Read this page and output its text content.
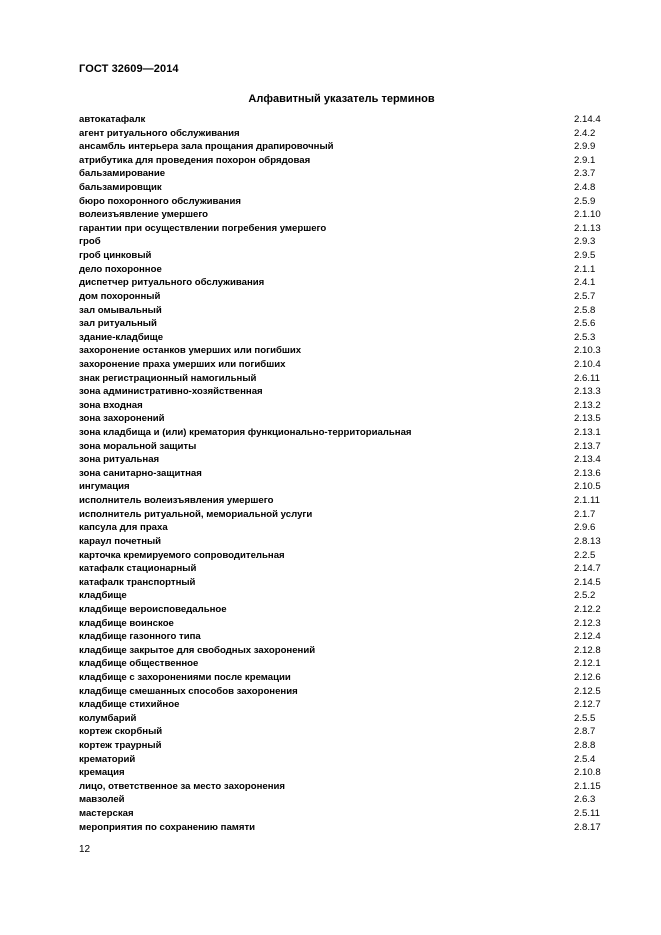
ГОСТ 32609—2014
Алфавитный указатель терминов
автокатафалк	2.14.4
агент ритуального обслуживания	2.4.2
ансамбль интерьера зала прощания драпировочный	2.9.9
атрибутика для проведения похорон обрядовая	2.9.1
бальзамирование	2.3.7
бальзамировщик	2.4.8
бюро похоронного обслуживания	2.5.9
волеизъявление умершего	2.1.10
гарантии при осуществлении погребения умершего	2.1.13
гроб	2.9.3
гроб цинковый	2.9.5
дело похоронное	2.1.1
диспетчер ритуального обслуживания	2.4.1
дом похоронный	2.5.7
зал омывальный	2.5.8
зал ритуальный	2.5.6
здание-кладбище	2.5.3
захоронение останков умерших или погибших	2.10.3
захоронение праха умерших или погибших	2.10.4
знак регистрационный намогильный	2.6.11
зона административно-хозяйственная	2.13.3
зона входная	2.13.2
зона захоронений	2.13.5
зона кладбища и (или) крематория функционально-территориальная	2.13.1
зона моральной защиты	2.13.7
зона ритуальная	2.13.4
зона санитарно-защитная	2.13.6
ингумация	2.10.5
исполнитель волеизъявления умершего	2.1.11
исполнитель ритуальной, мемориальной услуги	2.1.7
капсула для праха	2.9.6
караул почетный	2.8.13
карточка кремируемого сопроводительная	2.2.5
катафалк стационарный	2.14.7
катафалк транспортный	2.14.5
кладбище	2.5.2
кладбище вероисповедальное	2.12.2
кладбище воинское	2.12.3
кладбище газонного типа	2.12.4
кладбище закрытое для свободных захоронений	2.12.8
кладбище общественное	2.12.1
кладбище с захоронениями после кремации	2.12.6
кладбище смешанных способов захоронения	2.12.5
кладбище стихийное	2.12.7
колумбарий	2.5.5
кортеж скорбный	2.8.7
кортеж траурный	2.8.8
крематорий	2.5.4
кремация	2.10.8
лицо, ответственное за место захоронения	2.1.15
мавзолей	2.6.3
мастерская	2.5.11
мероприятия по сохранению памяти	2.8.17
12
